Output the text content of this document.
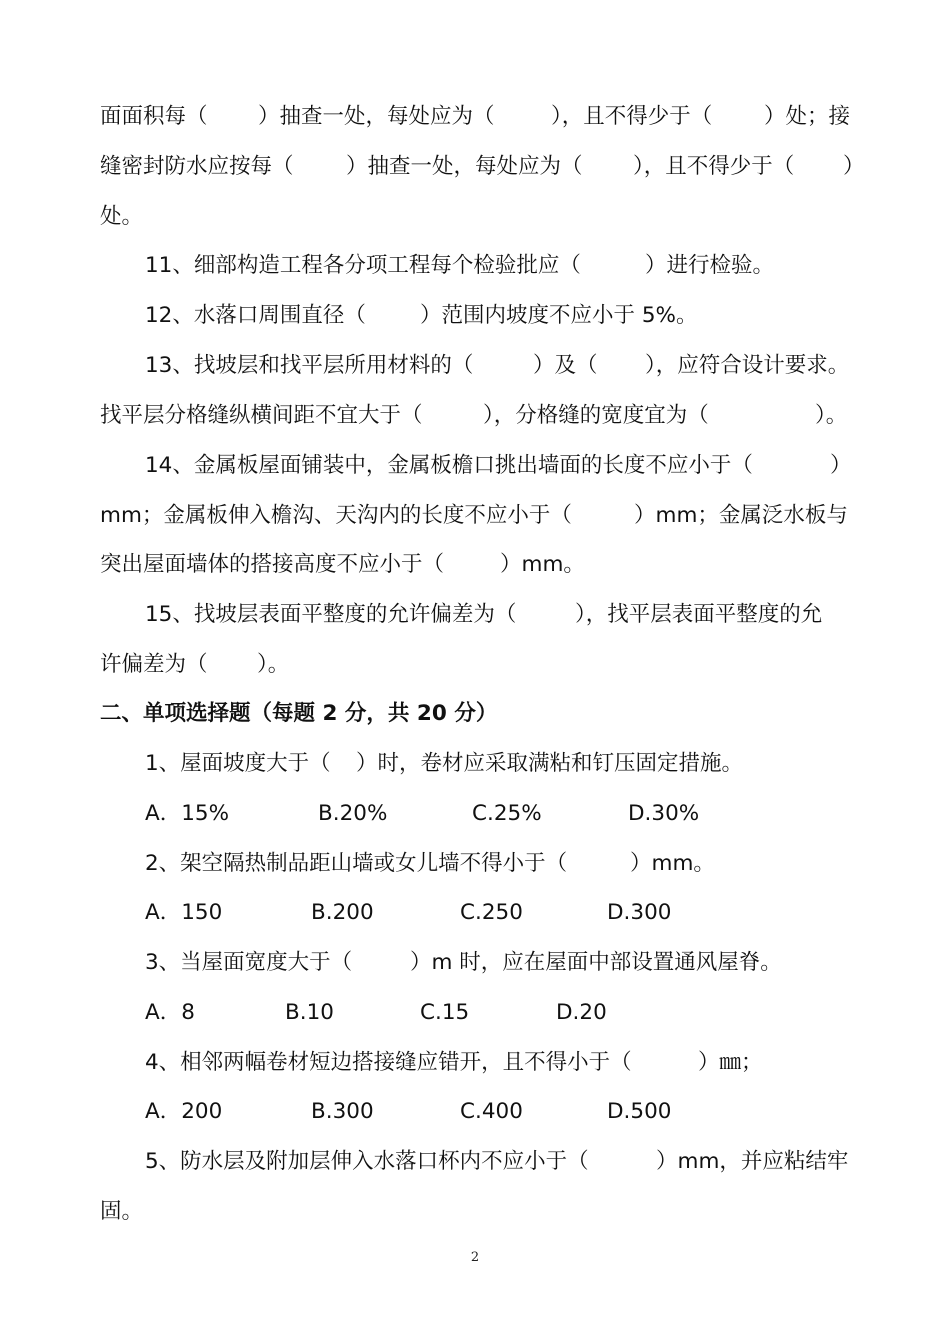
面面积每（

）抽查一处，每处应为（

	），且不得少于（

）处；接

缝密封防水应按每（

）抽查一处，每处应为（

），且不得少于（

）

处。

11、细部构造工程各分项工程每个检验批应（

	）进行检验。

12、水落口周围直径（

	）范围内坡度不应小于 5%。

13、找坡层和找平层所用材料的（

	）及（

），应符合设计要求。

找平层分格缝纵横间距不宜大于（

	），分格缝的宽度宜为（

	）。

14、金属板屋面铺装中，金属板檐口挑出墙面的长度不应小于（

	）

mm；金属板伸入檐沟、天沟内的长度不应小于（

	）mm；金属泛水板与

突出屋面墙体的搭接高度不应小于（

	）mm。

15、找坡层表面平整度的允许偏差为（

	），找平层表面平整度的允

许偏差为（

）。

二、单项选择题（每题 2 分，共 20 分）

1、屋面坡度大于（

）时，卷材应采取满粘和钉压固定措施。

A．15%

	B.20%

	C.25%

	D.30%

2、架空隔热制品距山墙或女儿墙不得小于（

	）mm。

A．150

	B.200

	C.250

	D.300

3、当屋面宽度大于（

	）m 时，应在屋面中部设置通风屋脊。

A．8

	B.10

	C.15

	D.20

4、相邻两幅卷材短边搭接缝应错开，且不得小于（

	）㎜；

A．200

	B.300

	C.400

	D.500

5、防水层及附加层伸入水落口杯内不应小于（

	）mm，并应粘结牢

固。

2
